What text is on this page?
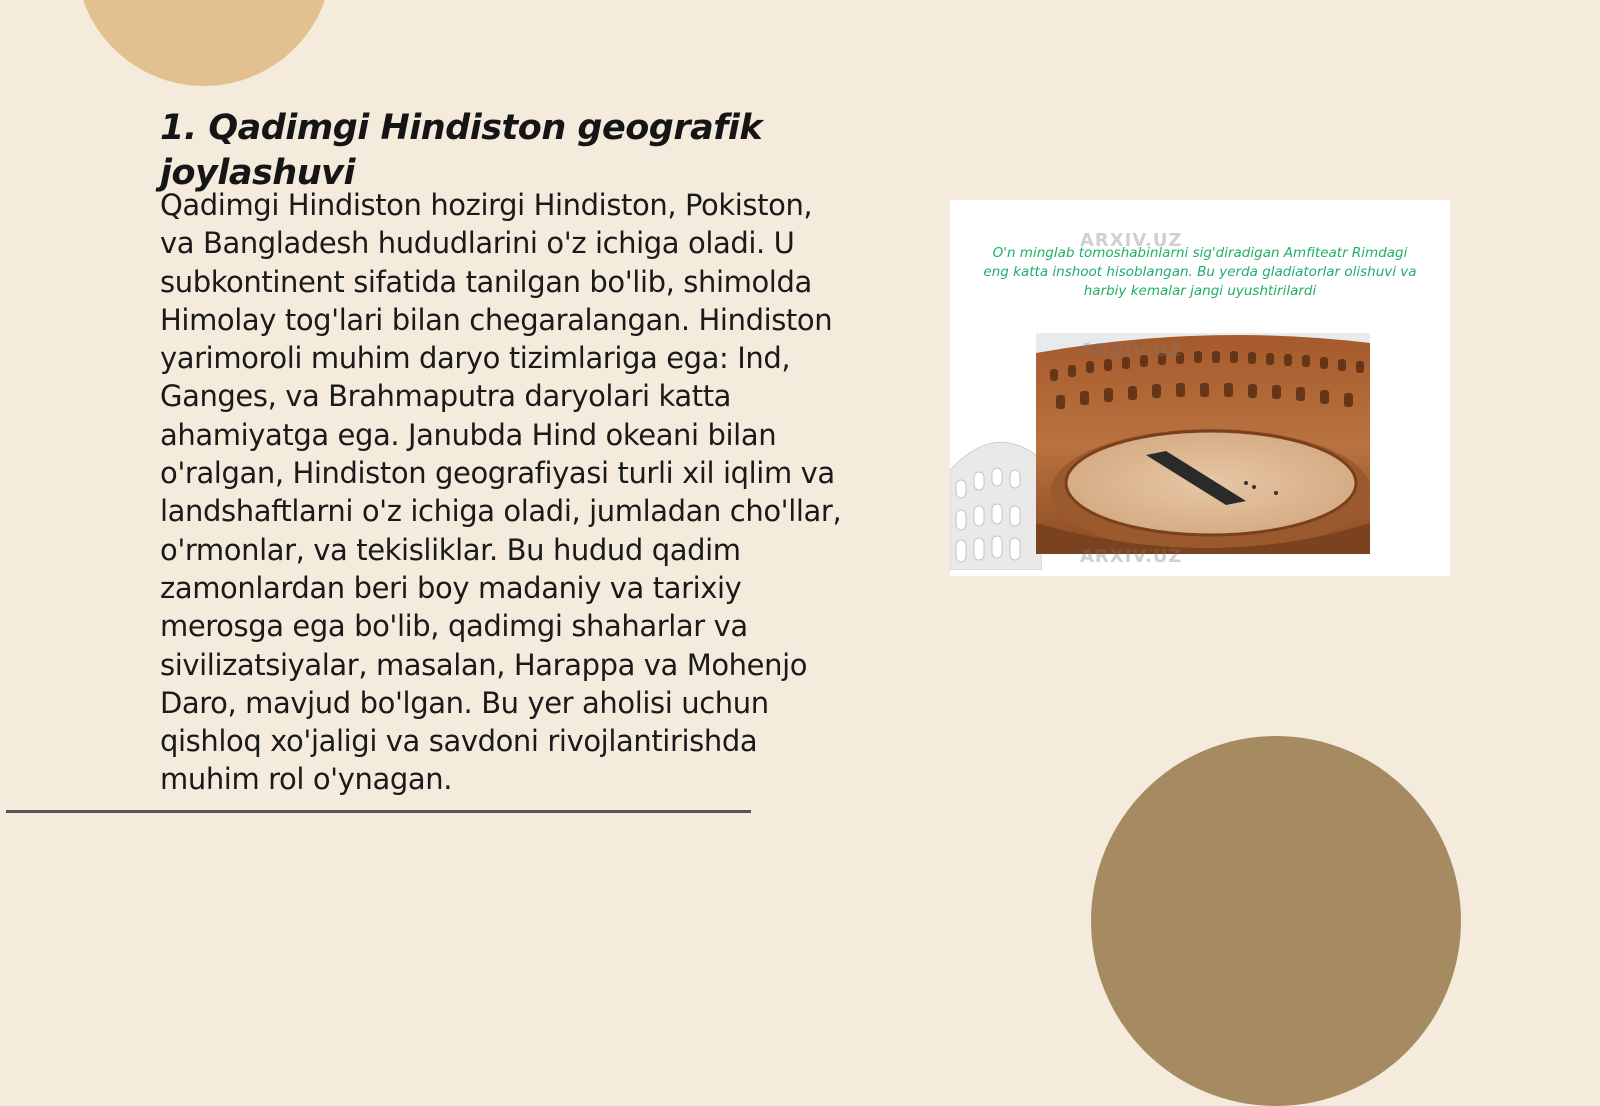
1. Qadimgi Hindiston geografik joylashuvi

Qadimgi Hindiston hozirgi Hindiston, Pokiston, va Bangladesh hududlarini o'z ichiga oladi. U subkontinent sifatida tanilgan bo'lib, shimolda Himolay tog'lari bilan chegaralangan. Hindiston yarimoroli muhim daryo tizimlariga ega: Ind, Ganges, va Brahmaputra daryolari katta ahamiyatga ega. Janubda Hind okeani bilan o'ralgan, Hindiston geografiyasi turli xil iqlim va landshaftlarni o'z ichiga oladi, jumladan cho'llar, o'rmonlar, va tekisliklar. Bu hudud qadim zamonlardan beri boy madaniy va tarixiy merosga ega bo'lib, qadimgi shaharlar va sivilizatsiyalar, masalan, Harappa va Mohenjo Daro, mavjud bo'lgan. Bu yer aholisi uchun qishloq xo'jaligi va savdoni rivojlantirishda muhim rol o'ynagan.

ARXIV.UZ
O'n minglab tomoshabinlarni sig'diradigan Amfiteatr Rimdagi eng katta inshoot hisoblangan. Bu yerda gladiatorlar olishuvi va harbiy kemalar jangi uyushtirilardi
ARXIV.UZ
ARXIV.UZ
